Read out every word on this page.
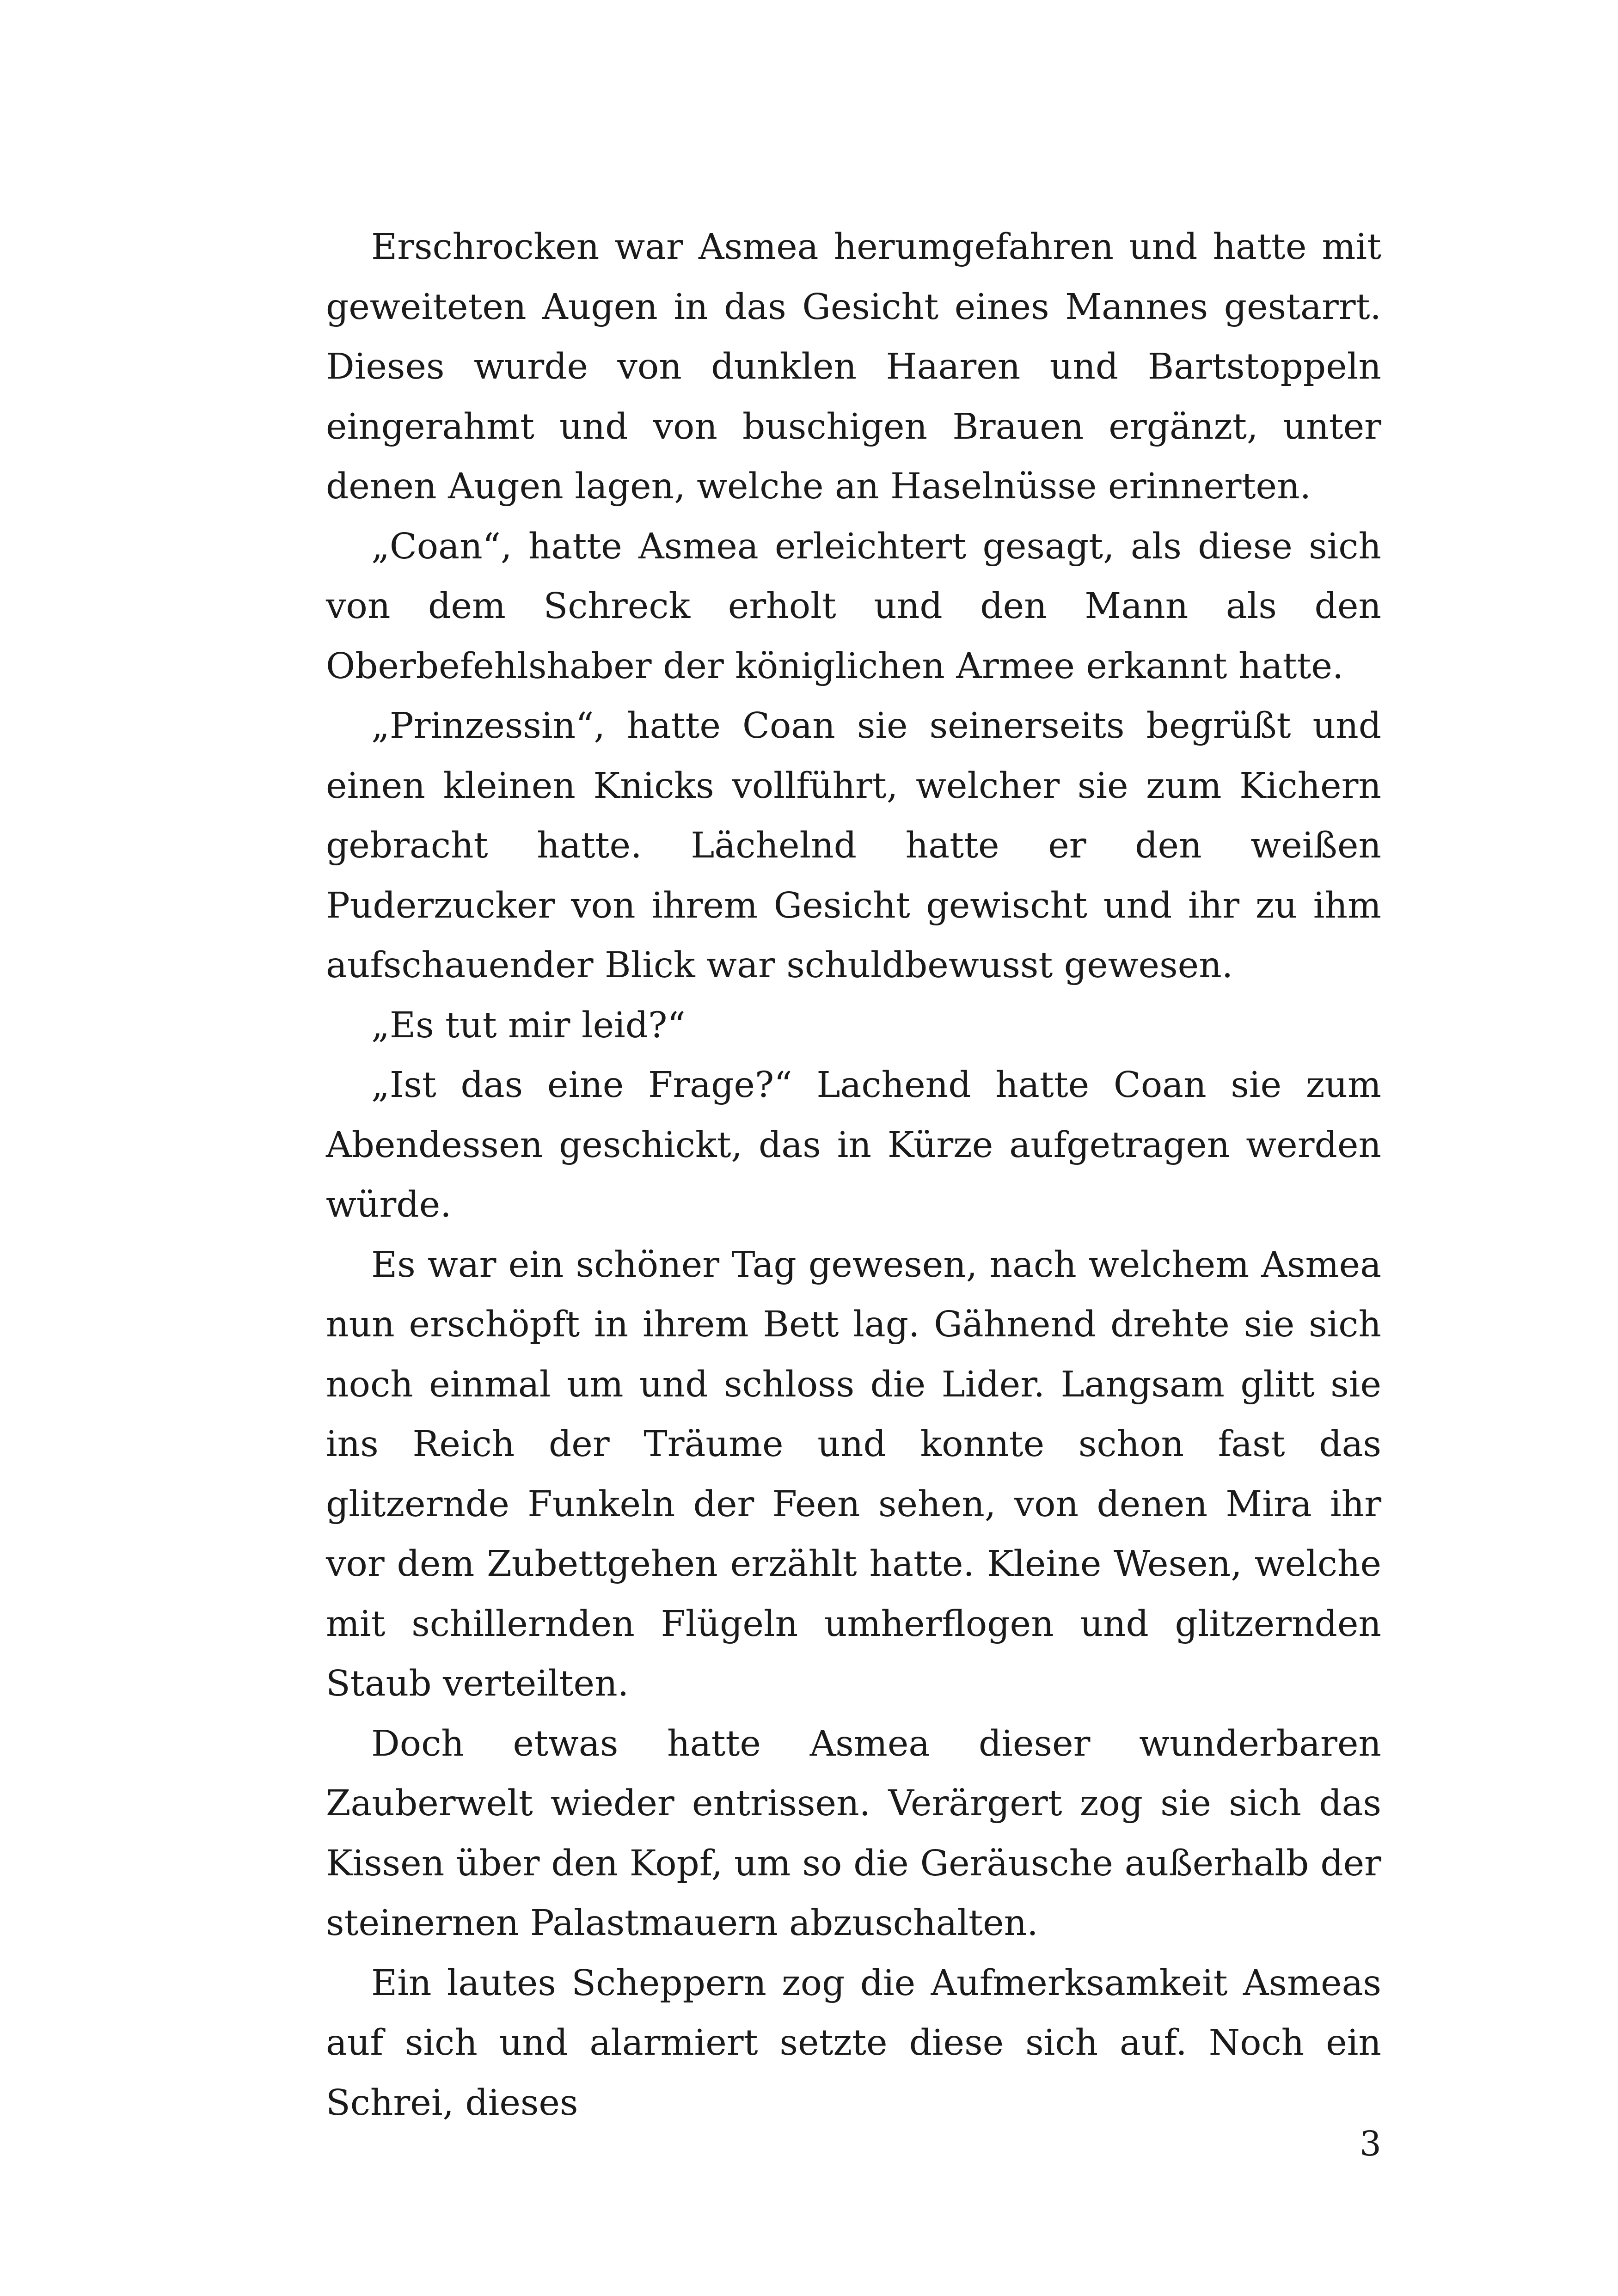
Erschrocken war Asmea herumgefahren und hatte mit geweiteten Augen in das Gesicht eines Mannes gestarrt. Dieses wurde von dunklen Haaren und Bartstoppeln eingerahmt und von buschigen Brauen ergänzt, unter denen Augen lagen, welche an Haselnüsse erinnerten.

„Coan“, hatte Asmea erleichtert gesagt, als diese sich von dem Schreck erholt und den Mann als den Oberbefehlshaber der königlichen Armee erkannt hatte.

„Prinzessin“, hatte Coan sie seinerseits begrüßt und einen kleinen Knicks vollführt, welcher sie zum Kichern gebracht hatte. Lächelnd hatte er den weißen Puderzucker von ihrem Gesicht gewischt und ihr zu ihm aufschauender Blick war schuldbewusst gewesen.

„Es tut mir leid?“

„Ist das eine Frage?“ Lachend hatte Coan sie zum Abendessen geschickt, das in Kürze aufgetragen werden würde.

Es war ein schöner Tag gewesen, nach welchem Asmea nun erschöpft in ihrem Bett lag. Gähnend drehte sie sich noch einmal um und schloss die Lider. Langsam glitt sie ins Reich der Träume und konnte schon fast das glitzernde Funkeln der Feen sehen, von denen Mira ihr vor dem Zubettgehen erzählt hatte. Kleine Wesen, welche mit schillernden Flügeln umherflogen und glitzernden Staub verteilten.

Doch etwas hatte Asmea dieser wunderbaren Zauberwelt wieder entrissen. Verärgert zog sie sich das Kissen über den Kopf, um so die Geräusche außerhalb der steinernen Palastmauern abzuschalten.

Ein lautes Scheppern zog die Aufmerksamkeit Asmeas auf sich und alarmiert setzte diese sich auf. Noch ein Schrei, dieses

3
